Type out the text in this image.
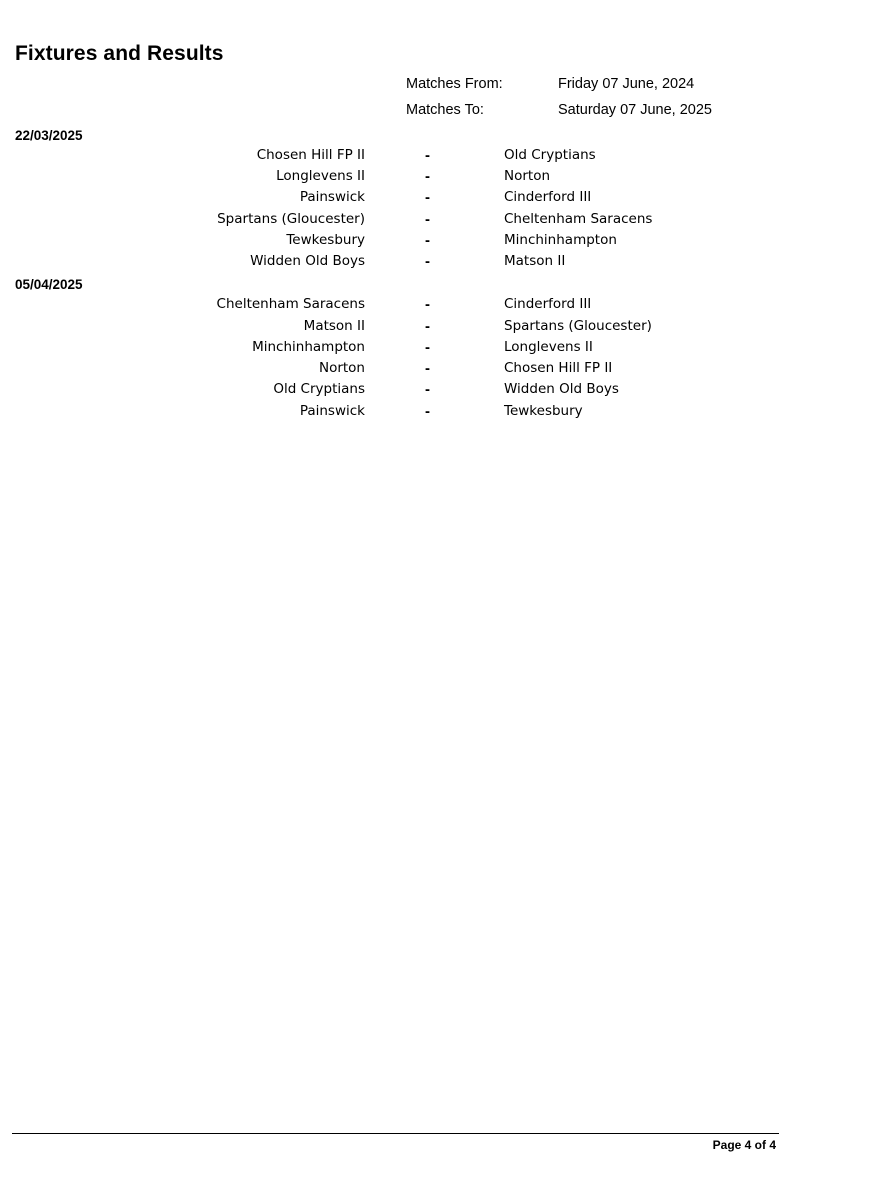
Fixtures and Results
Matches From:	Friday 07 June, 2024
Matches To:	Saturday 07 June, 2025
22/03/2025
Chosen Hill FP II	-	Old Cryptians
Longlevens II	-	Norton
Painswick	-	Cinderford III
Spartans (Gloucester)	-	Cheltenham Saracens
Tewkesbury	-	Minchinhampton
Widden Old Boys	-	Matson II
05/04/2025
Cheltenham Saracens	-	Cinderford III
Matson II	-	Spartans (Gloucester)
Minchinhampton	-	Longlevens II
Norton	-	Chosen Hill FP II
Old Cryptians	-	Widden Old Boys
Painswick	-	Tewkesbury
Page 4 of 4
